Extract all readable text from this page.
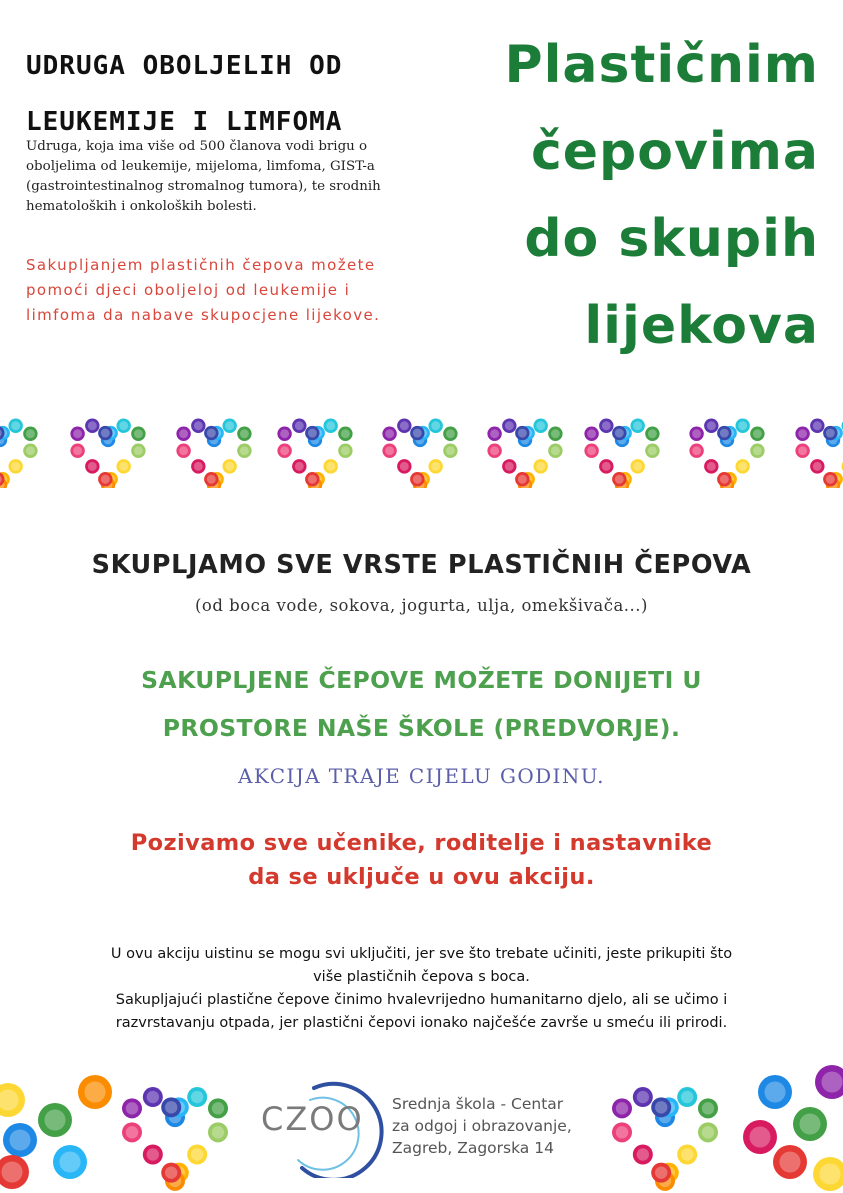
UDRUGA OBOLJELIH OD
LEUKEMIJE I LIMFOMA

Udruga, koja ima više od 500 članova vodi brigu o oboljelima od leukemije, mijeloma, limfoma, GIST-a (gastrointestinalnog stromalnog tumora), te srodnih hematoloških i onkoloških bolesti.

Sakupljanjem plastičnih čepova možete pomoći djeci oboljeloj od leukemije i limfoma da nabave skupocjene lijekove.

Plastičnim
čepovima
do skupih
lijekova
SKUPLJAMO SVE VRSTE PLASTIČNIH ČEPOVA

(od boca vode, sokova, jogurta, ulja, omekšivača...)

SAKUPLJENE ČEPOVE MOŽETE DONIJETI U
PROSTORE NAŠE ŠKOLE (PREDVORJE).

AKCIJA TRAJE CIJELU GODINU.

Pozivamo sve učenike, roditelje i nastavnike
da se uključe u ovu akciju.

U ovu akciju uistinu se mogu svi uključiti, jer sve što trebate učiniti, jeste prikupiti što
više plastičnih čepova s boca.
Sakupljajući plastične čepove činimo hvalevrijedno humanitarno djelo, ali se učimo i
razvrstavanju otpada, jer plastični čepovi ionako najčešće završe u smeću ili prirodi.

CZOO Srednja škola - Centar
za odgoj i obrazovanje,
Zagreb, Zagorska 14
